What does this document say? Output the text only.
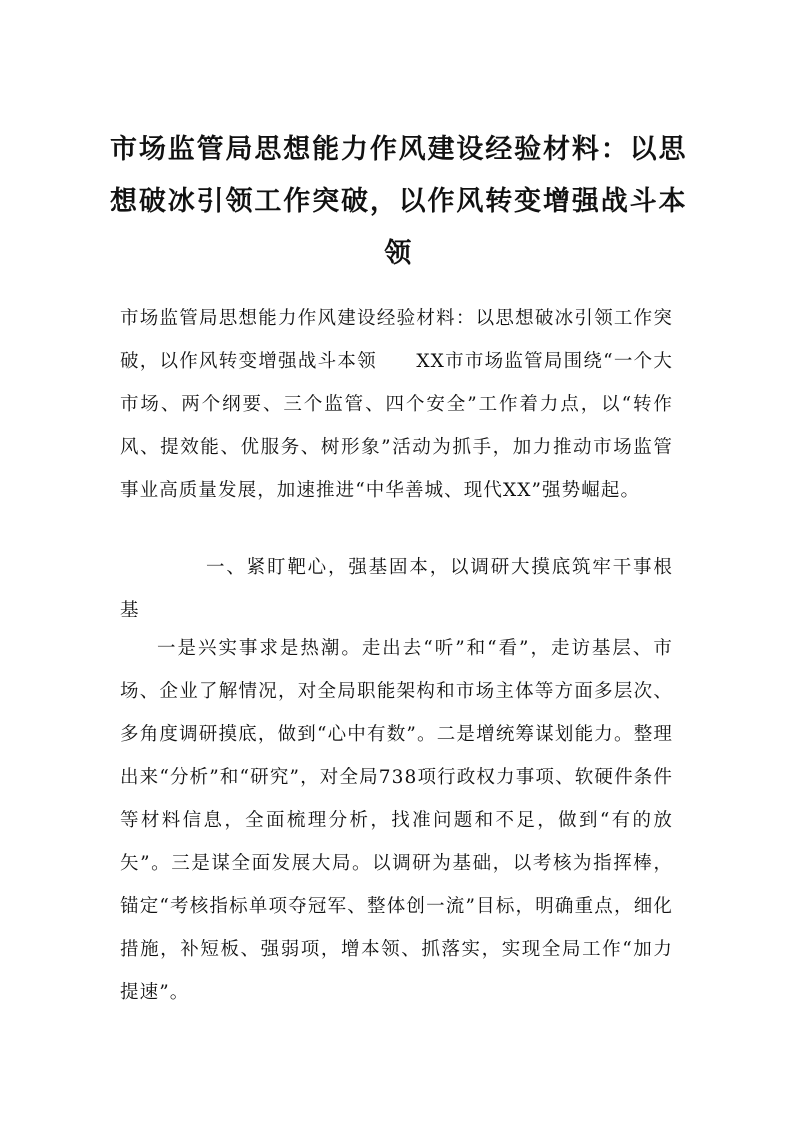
市场监管局思想能力作风建设经验材料：以思想破冰引领工作突破，以作风转变增强战斗本领

市场监管局思想能力作风建设经验材料：以思想破冰引领工作突破，以作风转变增强战斗本领　　XX市市场监管局围绕“一个大市场、两个纲要、三个监管、四个安全”工作着力点，以“转作风、提效能、优服务、树形象”活动为抓手，加力推动市场监管事业高质量发展，加速推进“中华善城、现代XX”强势崛起。

一、紧盯靶心，强基固本，以调研大摸底筑牢干事根基

一是兴实事求是热潮。走出去“听”和“看”，走访基层、市场、企业了解情况，对全局职能架构和市场主体等方面多层次、多角度调研摸底，做到“心中有数”。二是增统筹谋划能力。整理出来“分析”和“研究”，对全局738项行政权力事项、软硬件条件等材料信息，全面梳理分析，找准问题和不足，做到“有的放矢”。三是谋全面发展大局。以调研为基础，以考核为指挥棒，锚定“考核指标单项夺冠军、整体创一流”目标，明确重点，细化措施，补短板、强弱项，增本领、抓落实，实现全局工作“加力提速”。
